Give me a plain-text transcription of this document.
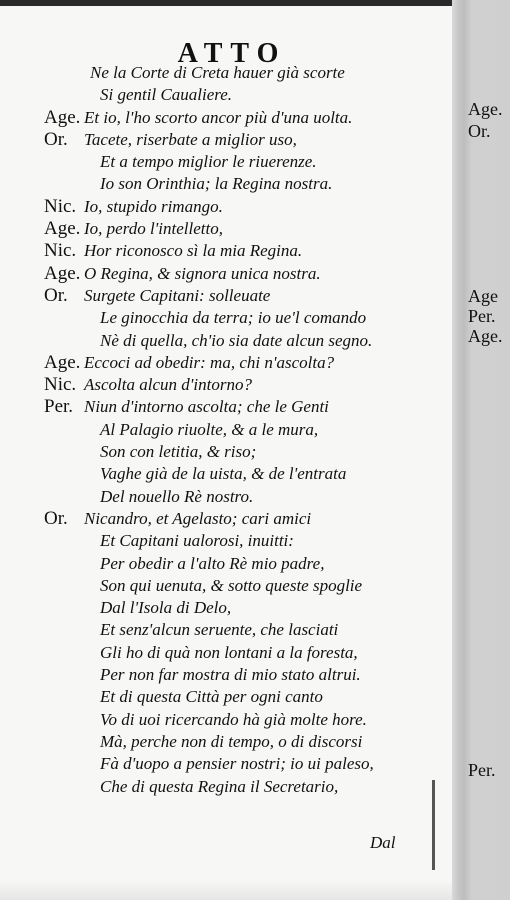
ATTO
Ne la Corte di Creta hauer già scorte
Si gentil Caualiere.
Age. Et io, l'ho scorto ancor più d'una uolta.
Or. Tacete, riserbate a miglior uso,
Et a tempo miglior le riuerenze.
Io son Orinthia; la Regina nostra.
Nic. Io, stupido rimango.
Age. Io, perdo l'intelletto,
Nic. Hor riconosco sì la mia Regina.
Age. O Regina, & signora unica nostra.
Or. Surgete Capitani: solleuate
Le ginocchia da terra; io ue'l comando
Nè di quella, ch'io sia date alcun segno.
Age. Eccoci ad obedir: ma, chi n'ascolta?
Nic. Ascolta alcun d'intorno?
Per. Niun d'intorno ascolta; che le Genti
Al Palagio riuolte, & a le mura,
Son con letitia, & riso;
Vaghe già de la uista, & de l'entrata
Del nouello Rè nostro.
Or. Nicandro, et Agelasto; cari amici
Et Capitani ualorosi, inuitti:
Per obedir a l'alto Rè mio padre,
Son qui uenuta, & sotto queste spoglie
Dal l'Isola di Delo,
Et senz'alcun seruente, che lasciati
Gli ho di quà non lontani a la foresta,
Per non far mostra di mio stato altrui.
Et di questa Città per ogni canto
Vo di uoi ricercando hà già molte hore.
Mà, perche non di tempo, o di discorsi
Fà d'uopo a pensier nostri; io ui paleso,
Che di questa Regina il Secretario,
Dal
Age.
Or.
Age
Per.
Age.
Per.
